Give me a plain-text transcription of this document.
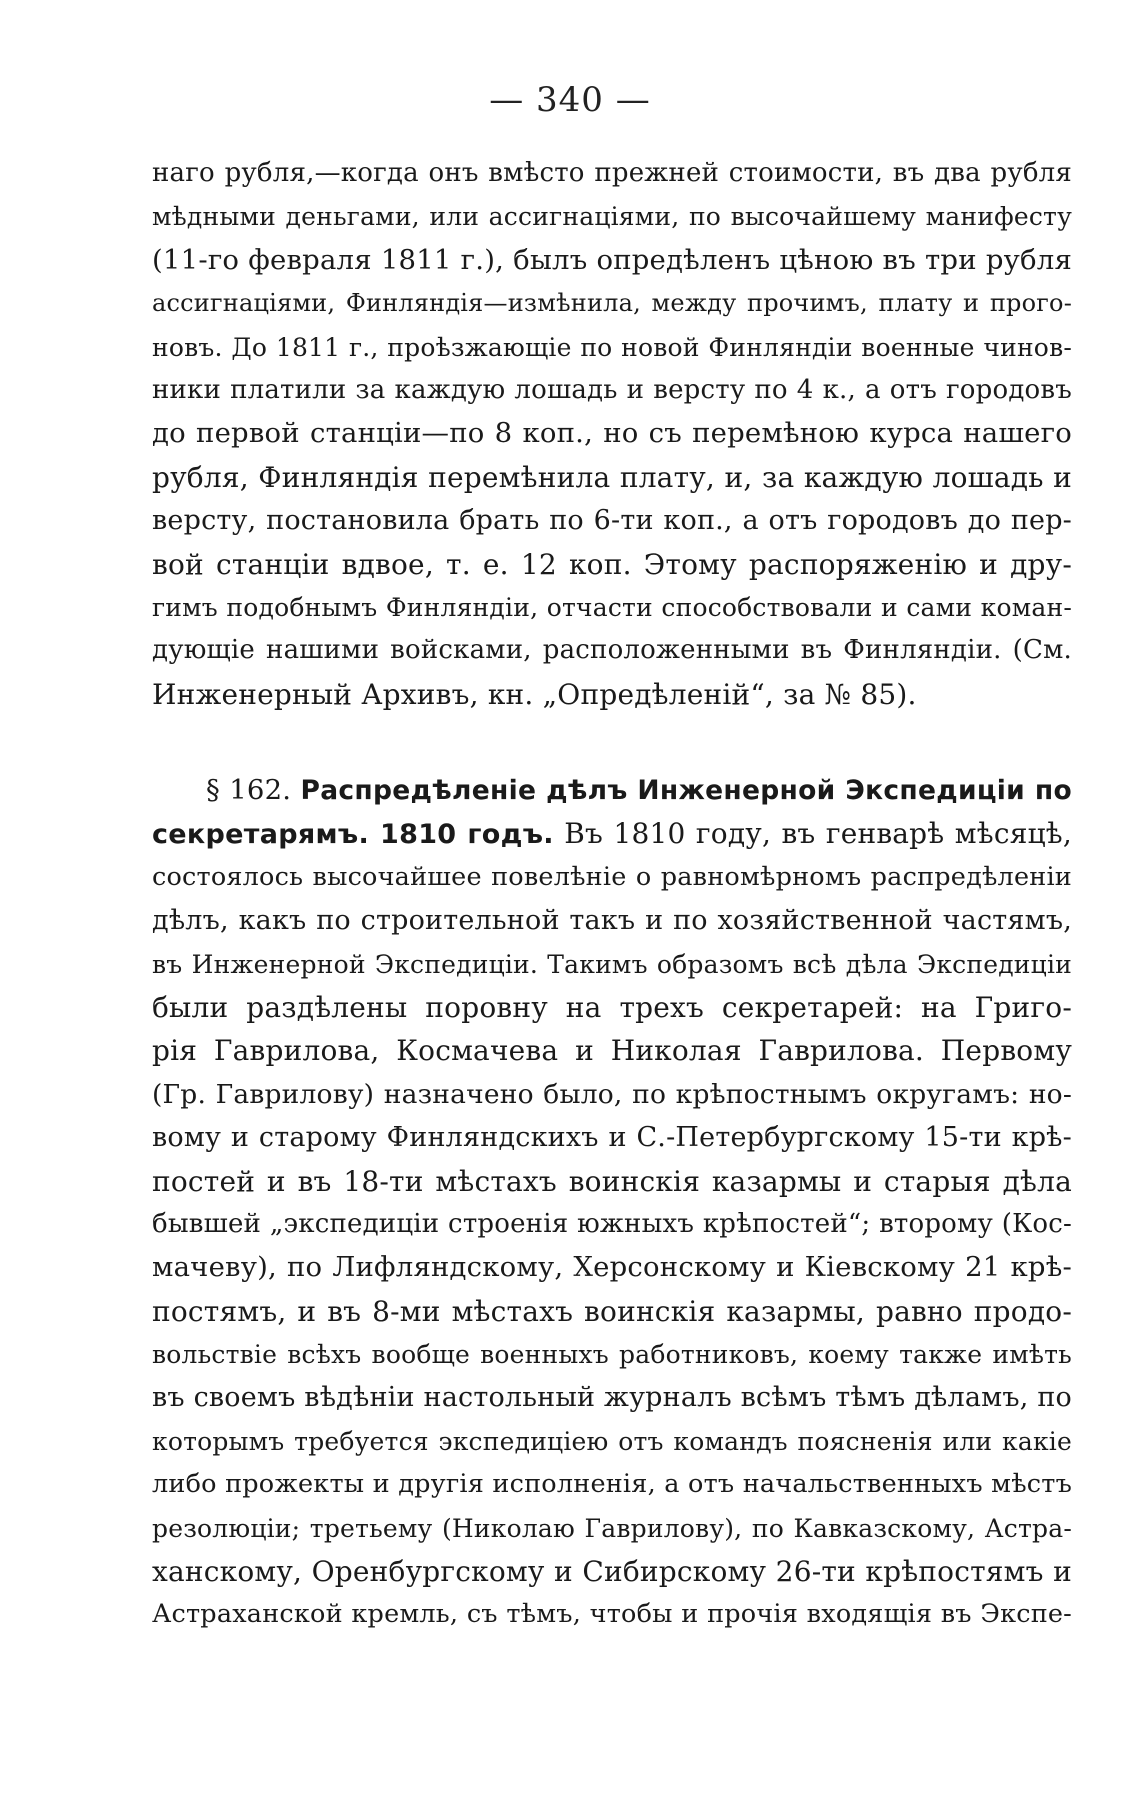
— 340 —
наго рубля,—когда онъ вмѣсто прежней стоимости, въ два рубля
мѣдными деньгами, или ассигнаціями, по высочайшему манифесту
(11-го февраля 1811 г.), былъ опредѣленъ цѣною въ три рубля
ассигнаціями, Финляндія—измѣнила, между прочимъ, плату и прого-
новъ. До 1811 г., проѣзжающіе по новой Финляндіи военные чинов-
ники платили за каждую лошадь и версту по 4 к., а отъ городовъ
до первой станціи—по 8 коп., но съ перемѣною курса нашего
рубля, Финляндія перемѣнила плату, и, за каждую лошадь и
версту, постановила брать по 6-ти коп., а отъ городовъ до пер-
вой станціи вдвое, т. е. 12 коп. Этому распоряженію и дру-
гимъ подобнымъ Финляндіи, отчасти способствовали и сами коман-
дующіе нашими войсками, расположенными въ Финляндіи. (См.
Инженерный Архивъ, кн. „Опредѣленій“, за № 85).
§ 162. Распредѣленіе дѣлъ Инженерной Экспедиціи по
секретарямъ. 1810 годъ. Въ 1810 году, въ генварѣ мѣсяцѣ,
состоялось высочайшее повелѣніе о равномѣрномъ распредѣленіи
дѣлъ, какъ по строительной такъ и по хозяйственной частямъ,
въ Инженерной Экспедиціи. Такимъ образомъ всѣ дѣла Экспедиціи
были раздѣлены поровну на трехъ секретарей: на Григо-
рія Гаврилова, Космачева и Николая Гаврилова. Первому
(Гр. Гаврилову) назначено было, по крѣпостнымъ округамъ: но-
вому и старому Финляндскихъ и С.-Петербургскому 15-ти крѣ-
постей и въ 18-ти мѣстахъ воинскія казармы и старыя дѣла
бывшей „экспедиціи строенія южныхъ крѣпостей“; второму (Кос-
мачеву), по Лифляндскому, Херсонскому и Кіевскому 21 крѣ-
постямъ, и въ 8-ми мѣстахъ воинскія казармы, равно продо-
вольствіе всѣхъ вообще военныхъ работниковъ, коему также имѣть
въ своемъ вѣдѣніи настольный журналъ всѣмъ тѣмъ дѣламъ, по
которымъ требуется экспедиціею отъ командъ поясненія или какіе
либо прожекты и другія исполненія, а отъ начальственныхъ мѣстъ
резолюціи; третьему (Николаю Гаврилову), по Кавказскому, Астра-
ханскому, Оренбургскому и Сибирскому 26-ти крѣпостямъ и
Астраханской кремль, съ тѣмъ, чтобы и прочія входящія въ Экспе-
